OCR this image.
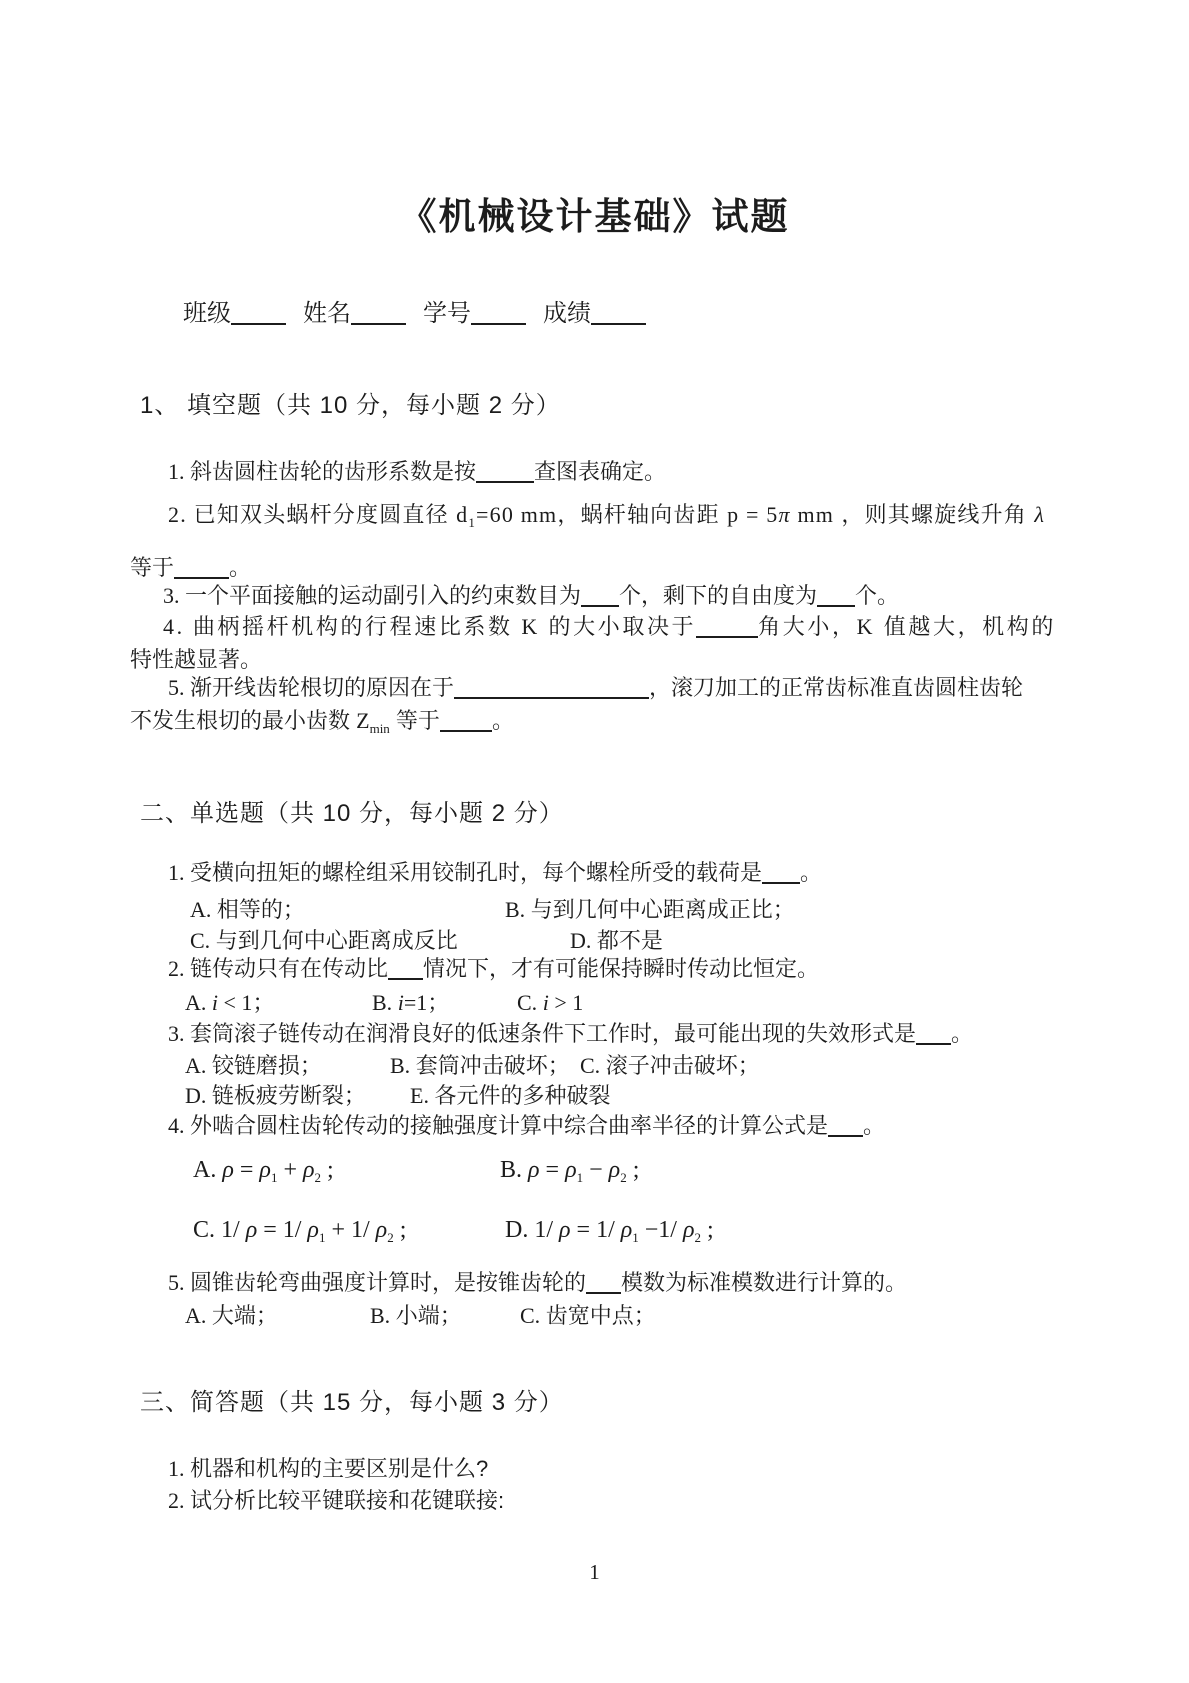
《机械设计基础》试题
班级	姓名	学号	成绩
1、 填空题（共 10 分，每小题 2 分）
1. 斜齿圆柱齿轮的齿形系数是按	查图表确定。
2. 已知双头蜗杆分度圆直径 $d_1=60$ mm，蜗杆轴向齿距 p = 5π mm ，则其螺旋线升角 λ
等于	。
3. 一个平面接触的运动副引入的约束数目为 个，剩下的自由度为 个。
4. 曲柄摇杆机构的行程速比系数 K 的大小取决于	角大小，K 值越大，机构的
特性越显著。
5. 渐开线齿轮根切的原因在于	，滚刀加工的正常齿标准直齿圆柱齿轮
不发生根切的最小齿数 $Z_{min}$ 等于 。
二、单选题（共 10 分，每小题 2 分）
1. 受横向扭矩的螺栓组采用铰制孔时，每个螺栓所受的载荷是 。
A. 相等的；	B. 与到几何中心距离成正比；
C. 与到几何中心距离成反比	D. 都不是
2. 链传动只有在传动比 情况下，才有可能保持瞬时传动比恒定。
A. i < 1；	B. i=1；	C. i > 1
3. 套筒滚子链传动在润滑良好的低速条件下工作时，最可能出现的失效形式是 。
A. 铰链磨损；	B. 套筒冲击破坏； C. 滚子冲击破坏；
D. 链板疲劳断裂； E. 各元件的多种破裂
4. 外啮合圆柱齿轮传动的接触强度计算中综合曲率半径的计算公式是 。
A. $\rho = \rho_1 + \rho_2$ ;	B. $\rho = \rho_1 - \rho_2$ ;
C. 1/ ρ = 1/ $\rho_1 + 1/$ $\rho_2$ ;	D. 1/ ρ = 1/ $\rho_1 -1/$ $\rho_2$ ;
5. 圆锥齿轮弯曲强度计算时，是按锥齿轮的 模数为标准模数进行计算的。
A. 大端；	B. 小端；	C. 齿宽中点；
三、简答题（共 15 分，每小题 3 分）
1. 机器和机构的主要区别是什么?
2. 试分析比较平键联接和花键联接:
1
